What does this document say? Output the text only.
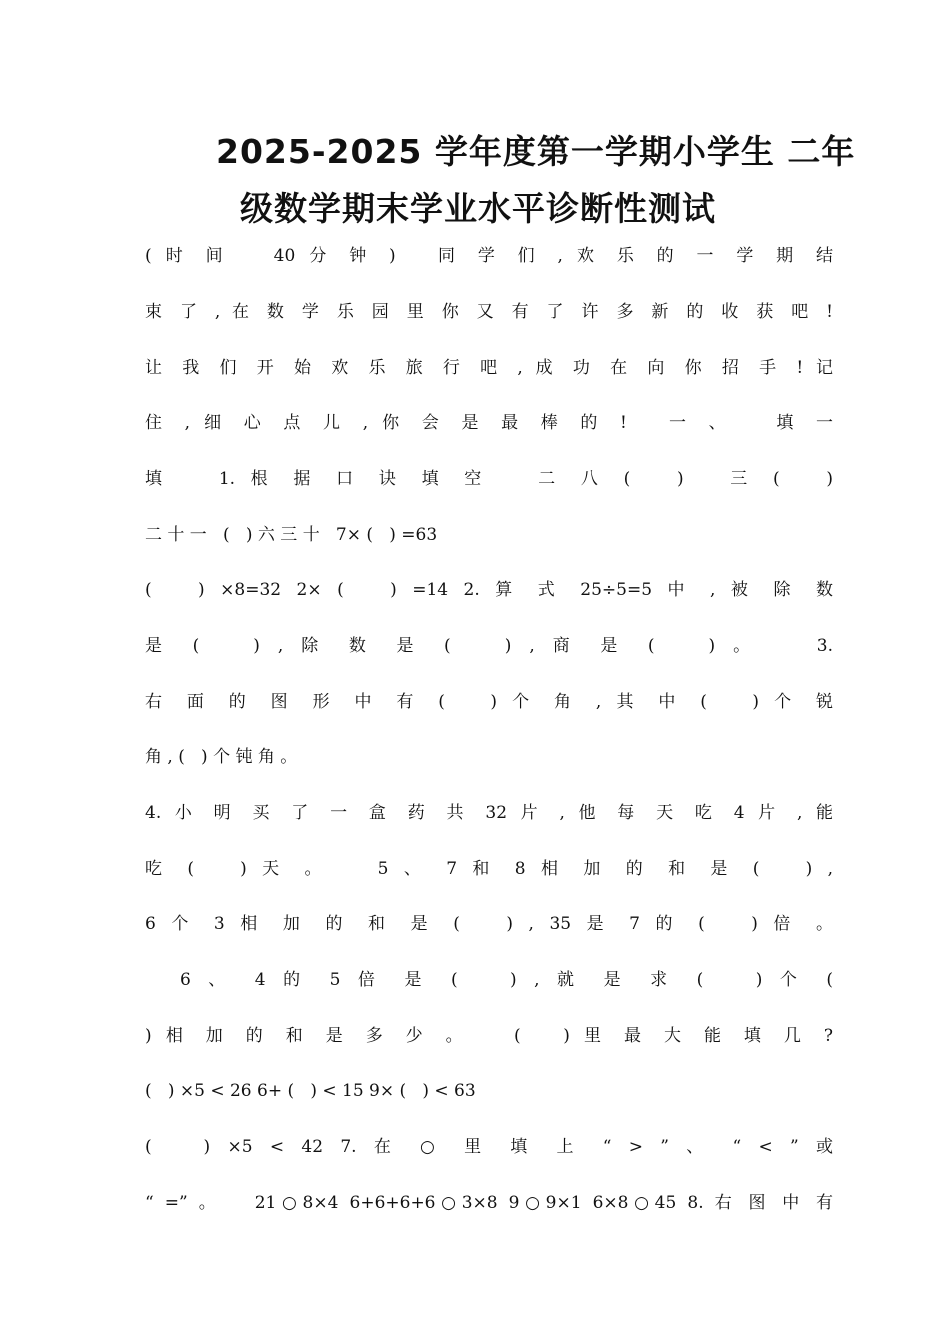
2025-2025 学年度第一学期小学生 二年
级数学期末学业水平诊断性测试
( 时 间   40 分 钟 )   同 学 们 , 欢 乐 的 一 学 期 结
束 了 , 在 数 学 乐 园 里 你 又 有 了 许 多 新 的 收 获 吧 !
让 我 们 开 始 欢 乐 旅 行 吧 , 成 功 在 向 你 招 手 ! 记
住 , 细 心 点 儿 , 你 会 是 最 棒 的 !   一 、   填 一
填   1. 根 据 口 诀 填 空   二 八 (   )   三 (   )
二 十 一   (   ) 六 三 十   7× (   ) =63
(   ) ×8=32 2× (   ) =14 2. 算 式 25÷5=5 中 , 被 除 数
是 (   ) , 除 数 是 (   ) , 商 是 (   ) 。   3.
右 面 的 图 形 中 有 (   ) 个 角 , 其 中 (   ) 个 锐
角 , (   ) 个 钝 角 。
4. 小 明 买 了 一 盒 药 共 32 片 , 他 每 天 吃 4 片 , 能
吃 (   ) 天 。   5 、 7 和 8 相 加 的 和 是 (   ) ,
6 个 3 相 加 的 和 是 (   ) , 35 是 7 的 (   ) 倍 。
6 、 4 的 5 倍 是 (   ) , 就 是 求 (   ) 个 (
) 相 加 的 和 是 多 少 。   (   ) 里 最 大 能 填 几 ?
(   ) ×5 < 26 6+ (   ) < 15 9× (   ) < 63
(   ) ×5 < 42 7. 在 ○ 里 填 上 “ > ” 、 “ < ” 或
“ =” 。   21○8×4 6+6+6+6○3×8 9○9×1 6×8○45 8. 右 图 中 有
